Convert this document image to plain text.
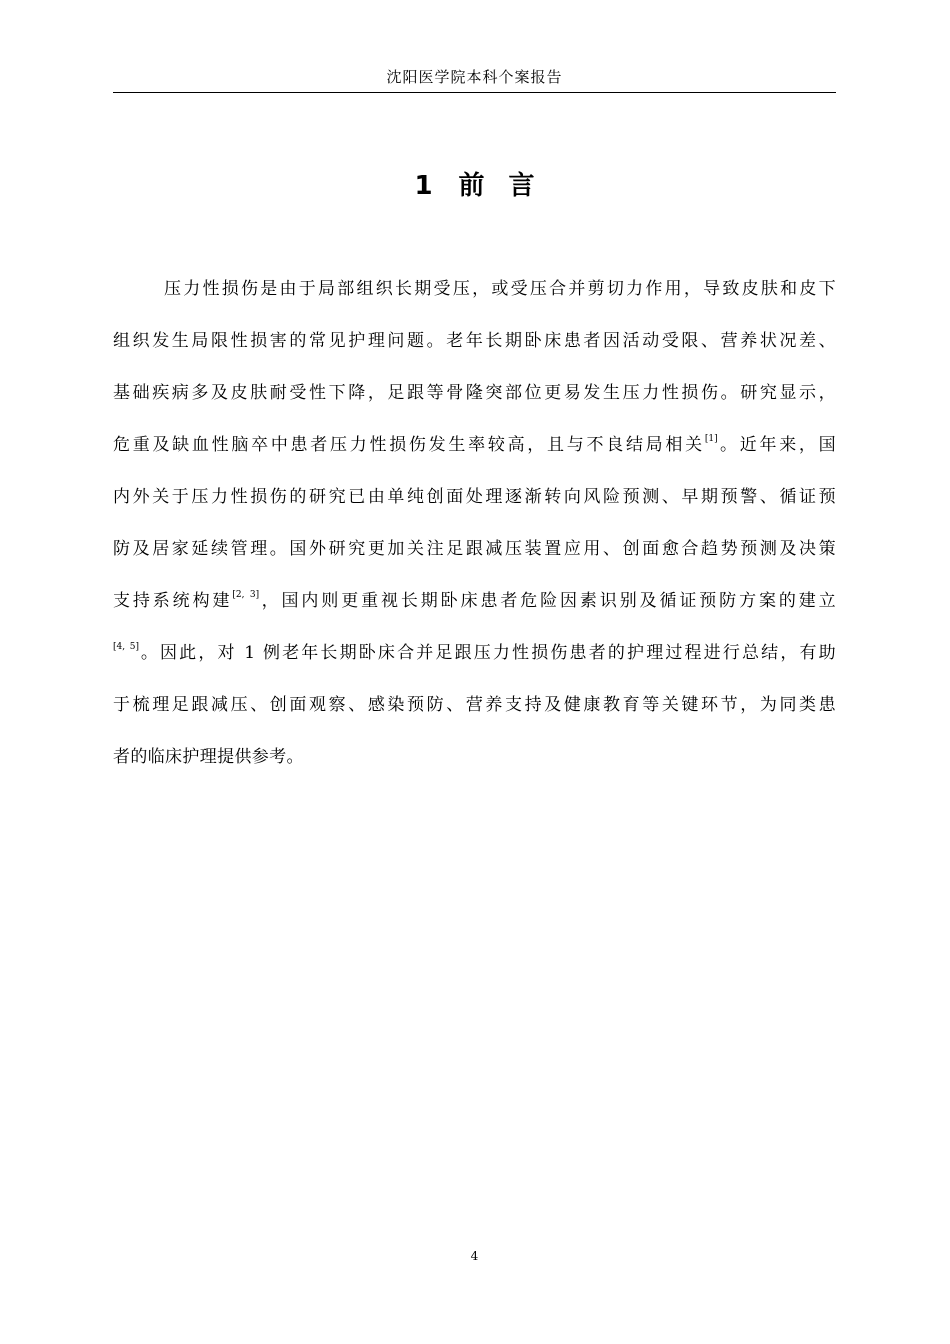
沈阳医学院本科个案报告
1 前言
压力性损伤是由于局部组织长期受压，或受压合并剪切力作用，导致皮肤和皮下
组织发生局限性损害的常见护理问题。老年长期卧床患者因活动受限、营养状况差、
基础疾病多及皮肤耐受性下降，足跟等骨隆突部位更易发生压力性损伤。研究显示，
危重及缺血性脑卒中患者压力性损伤发生率较高，且与不良结局相关[1]。近年来，国
内外关于压力性损伤的研究已由单纯创面处理逐渐转向风险预测、早期预警、循证预
防及居家延续管理。国外研究更加关注足跟减压装置应用、创面愈合趋势预测及决策
支持系统构建[2, 3]，国内则更重视长期卧床患者危险因素识别及循证预防方案的建立
[4, 5]。因此，对 1 例老年长期卧床合并足跟压力性损伤患者的护理过程进行总结，有助
于梳理足跟减压、创面观察、感染预防、营养支持及健康教育等关键环节，为同类患
者的临床护理提供参考。
4
